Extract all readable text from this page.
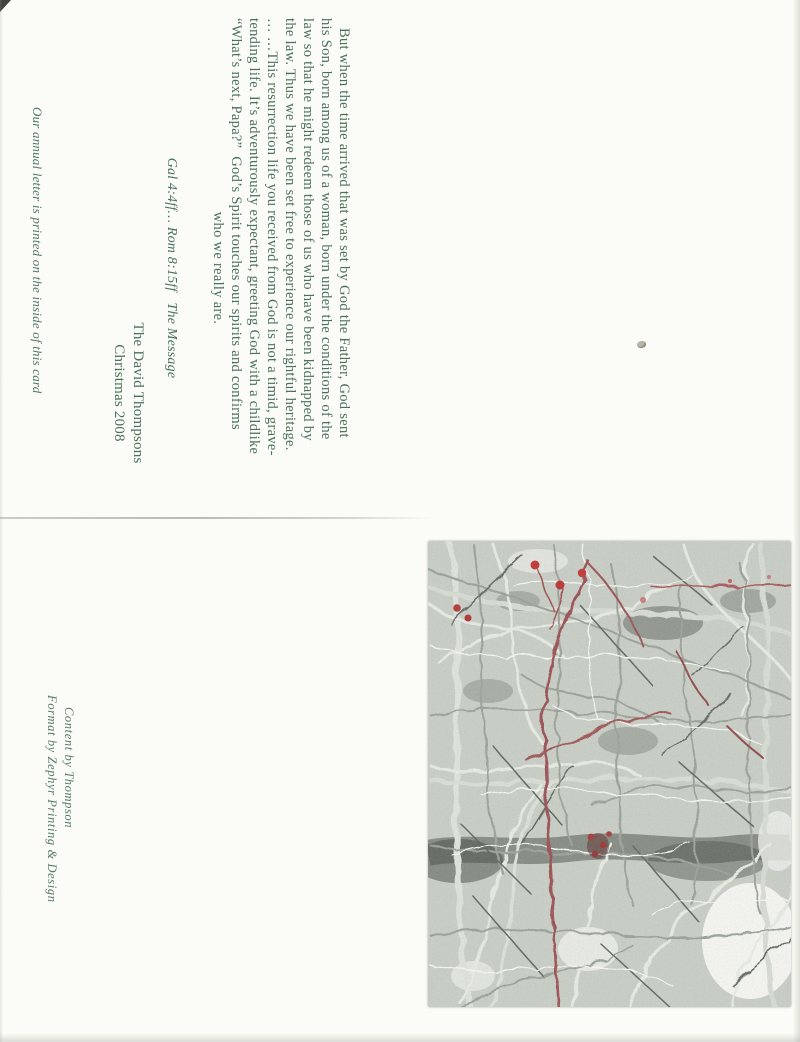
But when the time arrived that was set by God the Father, God sent
his Son, born among us of a woman, born under the conditions of the
law so that he might redeem those of us who have been kidnapped by
the law. Thus we have been set free to experience our rightful heritage.
… …This resurrection life you received from God is not a timid, grave-
tending life. It’s adventurously expectant, greeting God with a childlike
“What’s next, Papa?”  God’s Spirit touches our spirits and confirms
who we really are.
Gal 4:4ff… Rom 8:15ff   The Message
The David Thompsons
Christmas 2008
Our annual letter is printed on the inside of this card
Content by Thompson
Format by Zephyr Printing & Design
